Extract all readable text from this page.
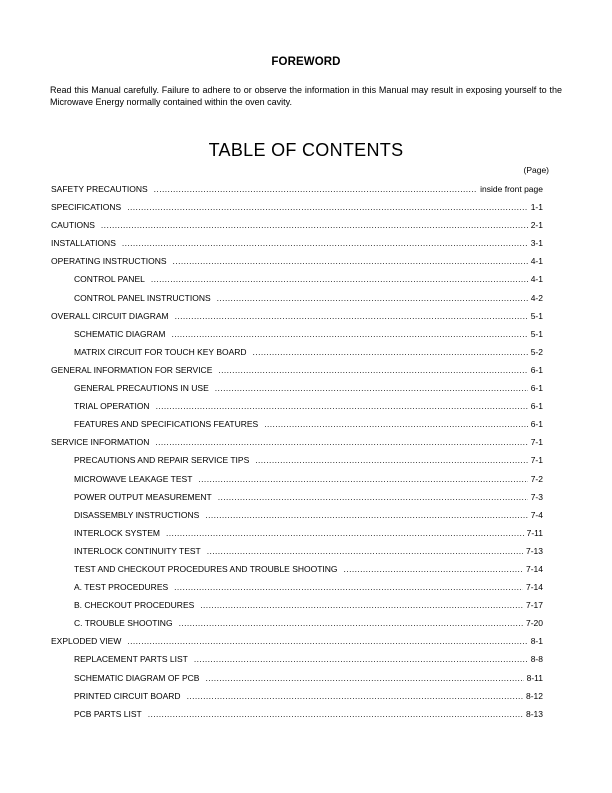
FOREWORD

Read this Manual carefully. Failure to adhere to or observe the information in this Manual may result in exposing yourself to the Microwave Energy normally contained within the oven cavity.

TABLE OF CONTENTS
(Page)
SAFETY PRECAUTIONS .....	inside front page
SPECIFICATIONS .....	1-1
CAUTIONS .....	2-1
INSTALLATIONS .....	3-1
OPERATING INSTRUCTIONS .....	4-1
CONTROL PANEL .....	4-1
CONTROL PANEL INSTRUCTIONS .....	4-2
OVERALL CIRCUIT DIAGRAM .....	5-1
SCHEMATIC DIAGRAM .....	5-1
MATRIX CIRCUIT FOR TOUCH KEY BOARD .....	5-2
GENERAL INFORMATION FOR SERVICE .....	6-1
GENERAL PRECAUTIONS IN USE .....	6-1
TRIAL OPERATION .....	6-1
FEATURES AND SPECIFICATIONS FEATURES .....	6-1
SERVICE INFORMATION .....	7-1
PRECAUTIONS AND REPAIR SERVICE TIPS .....	7-1
MICROWAVE LEAKAGE TEST .....	7-2
POWER OUTPUT MEASUREMENT .....	7-3
DISASSEMBLY INSTRUCTIONS .....	7-4
INTERLOCK SYSTEM .....	7-11
INTERLOCK CONTINUITY TEST .....	7-13
TEST AND CHECKOUT PROCEDURES AND TROUBLE SHOOTING .....	7-14
A. TEST PROCEDURES .....	7-14
B. CHECKOUT PROCEDURES .....	7-17
C. TROUBLE SHOOTING .....	7-20
EXPLODED VIEW .....	8-1
REPLACEMENT PARTS LIST .....	8-8
SCHEMATIC DIAGRAM OF PCB .....	8-11
PRINTED CIRCUIT BOARD .....	8-12
PCB PARTS LIST .....	8-13
